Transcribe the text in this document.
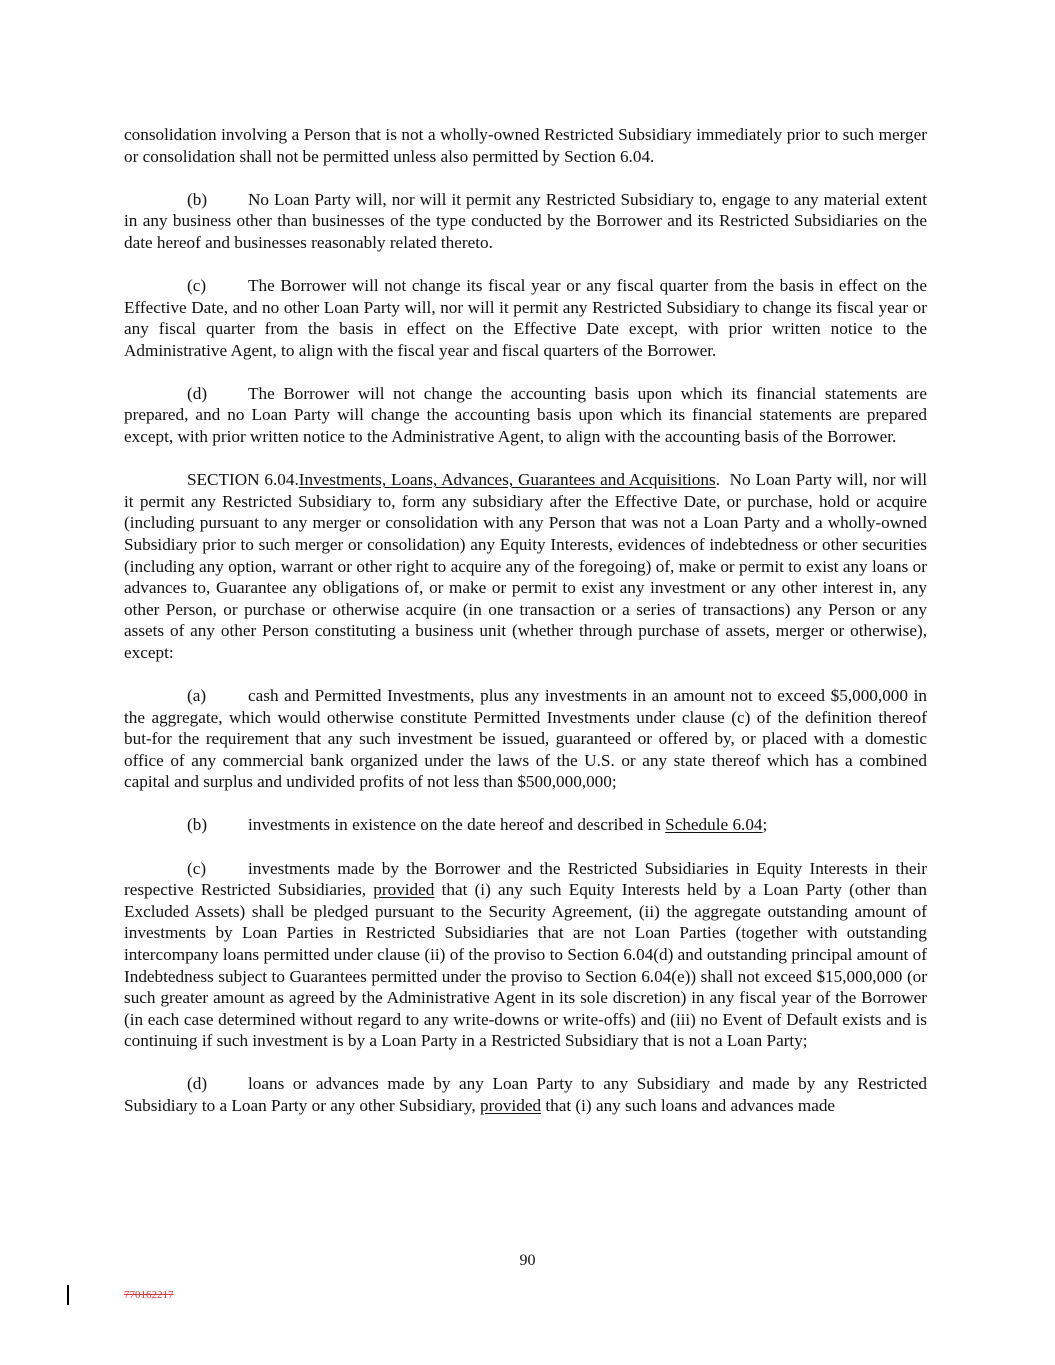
consolidation involving a Person that is not a wholly-owned Restricted Subsidiary immediately prior to such merger or consolidation shall not be permitted unless also permitted by Section 6.04.

(b) No Loan Party will, nor will it permit any Restricted Subsidiary to, engage to any material extent in any business other than businesses of the type conducted by the Borrower and its Restricted Subsidiaries on the date hereof and businesses reasonably related thereto.

(c) The Borrower will not change its fiscal year or any fiscal quarter from the basis in effect on the Effective Date, and no other Loan Party will, nor will it permit any Restricted Subsidiary to change its fiscal year or any fiscal quarter from the basis in effect on the Effective Date except, with prior written notice to the Administrative Agent, to align with the fiscal year and fiscal quarters of the Borrower.

(d) The Borrower will not change the accounting basis upon which its financial statements are prepared, and no Loan Party will change the accounting basis upon which its financial statements are prepared except, with prior written notice to the Administrative Agent, to align with the accounting basis of the Borrower.

SECTION 6.04.Investments, Loans, Advances, Guarantees and Acquisitions. No Loan Party will, nor will it permit any Restricted Subsidiary to, form any subsidiary after the Effective Date, or purchase, hold or acquire (including pursuant to any merger or consolidation with any Person that was not a Loan Party and a wholly-owned Subsidiary prior to such merger or consolidation) any Equity Interests, evidences of indebtedness or other securities (including any option, warrant or other right to acquire any of the foregoing) of, make or permit to exist any loans or advances to, Guarantee any obligations of, or make or permit to exist any investment or any other interest in, any other Person, or purchase or otherwise acquire (in one transaction or a series of transactions) any Person or any assets of any other Person constituting a business unit (whether through purchase of assets, merger or otherwise), except:

(a) cash and Permitted Investments, plus any investments in an amount not to exceed $5,000,000 in the aggregate, which would otherwise constitute Permitted Investments under clause (c) of the definition thereof but-for the requirement that any such investment be issued, guaranteed or offered by, or placed with a domestic office of any commercial bank organized under the laws of the U.S. or any state thereof which has a combined capital and surplus and undivided profits of not less than $500,000,000;

(b) investments in existence on the date hereof and described in Schedule 6.04;

(c) investments made by the Borrower and the Restricted Subsidiaries in Equity Interests in their respective Restricted Subsidiaries, provided that (i) any such Equity Interests held by a Loan Party (other than Excluded Assets) shall be pledged pursuant to the Security Agreement, (ii) the aggregate outstanding amount of investments by Loan Parties in Restricted Subsidiaries that are not Loan Parties (together with outstanding intercompany loans permitted under clause (ii) of the proviso to Section 6.04(d) and outstanding principal amount of Indebtedness subject to Guarantees permitted under the proviso to Section 6.04(e)) shall not exceed $15,000,000 (or such greater amount as agreed by the Administrative Agent in its sole discretion) in any fiscal year of the Borrower (in each case determined without regard to any write-downs or write-offs) and (iii) no Event of Default exists and is continuing if such investment is by a Loan Party in a Restricted Subsidiary that is not a Loan Party;

(d) loans or advances made by any Loan Party to any Subsidiary and made by any Restricted Subsidiary to a Loan Party or any other Subsidiary, provided that (i) any such loans and advances made

90
770162217
